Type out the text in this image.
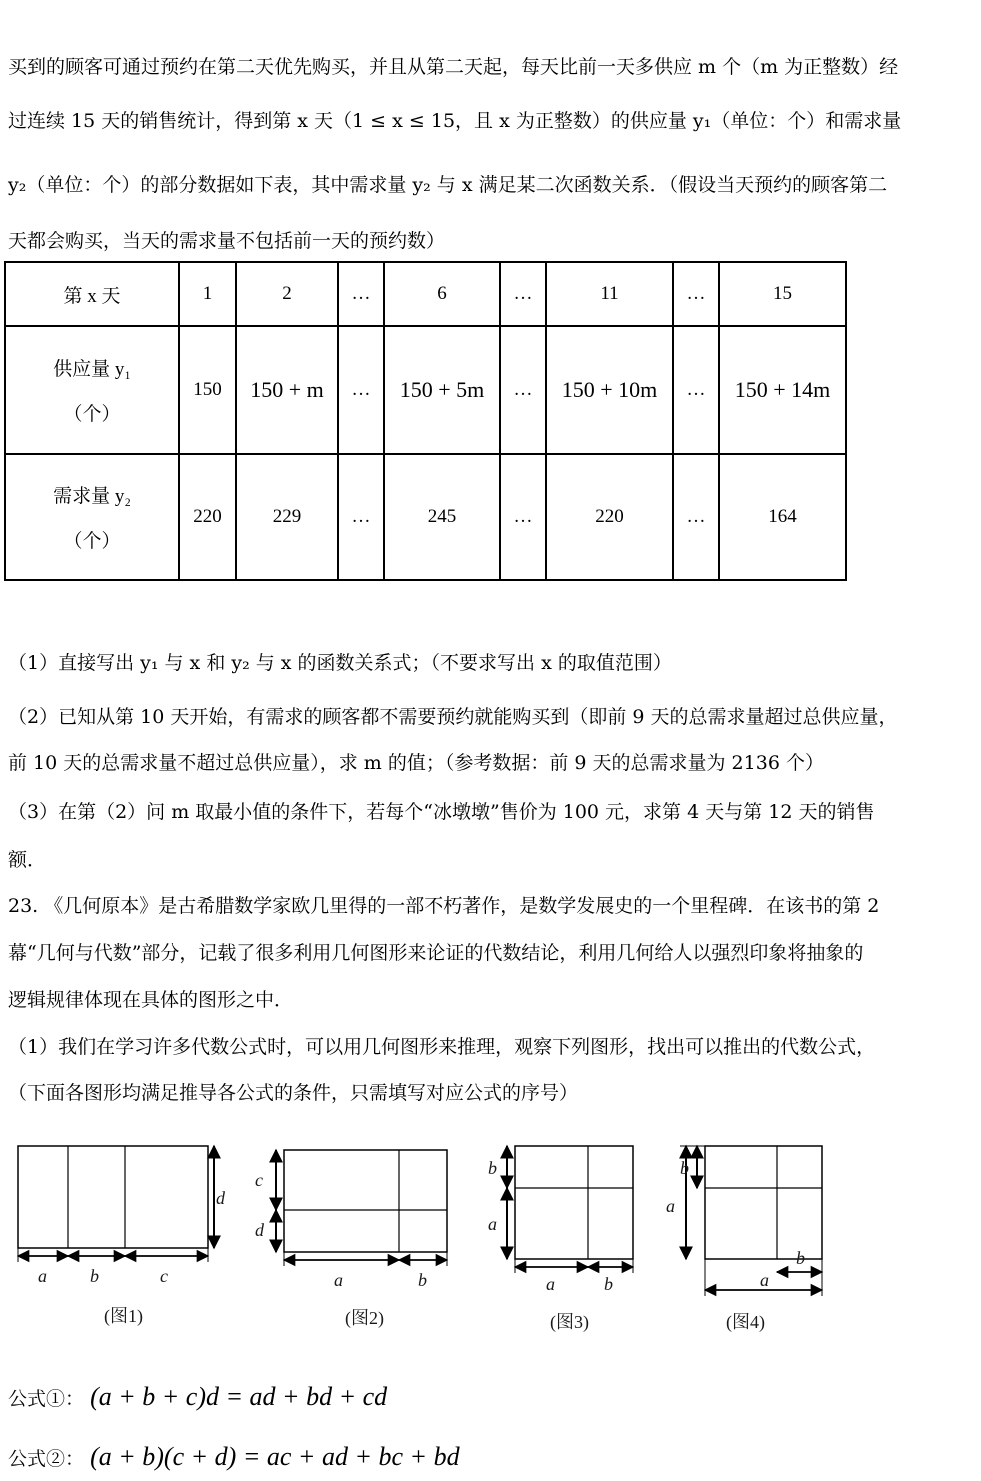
买到的顾客可通过预约在第二天优先购买，并且从第二天起，每天比前一天多供应 m 个（m 为正整数）经
过连续 15 天的销售统计，得到第 x 天（1 ≤ x ≤ 15，且 x 为正整数）的供应量 y₁（单位：个）和需求量
y₂（单位：个）的部分数据如下表，其中需求量 y₂ 与 x 满足某二次函数关系．（假设当天预约的顾客第二
天都会购买，当天的需求量不包括前一天的预约数）
第 x 天	1	2	…	6	…	11	…	15

供应量 y₁
（个）	150	150 + m	…	150 + 5m	…	150 + 10m	…	150 + 14m

需求量 y₂
（个）	220	229	…	245	…	220	…	164
（1）直接写出 y₁ 与 x 和 y₂ 与 x 的函数关系式；（不要求写出 x 的取值范围）
（2）已知从第 10 天开始，有需求的顾客都不需要预约就能购买到（即前 9 天的总需求量超过总供应量，
前 10 天的总需求量不超过总供应量），求 m 的值；（参考数据：前 9 天的总需求量为 2136 个）
（3）在第（2）问 m 取最小值的条件下，若每个“冰墩墩”售价为 100 元，求第 4 天与第 12 天的销售
额．
23. 《几何原本》是古希腊数学家欧几里得的一部不朽著作，是数学发展史的一个里程碑．在该书的第 2
幕“几何与代数”部分，记载了很多利用几何图形来论证的代数结论，利用几何给人以强烈印象将抽象的
逻辑规律体现在具体的图形之中．
（1）我们在学习许多代数公式时，可以用几何图形来推理，观察下列图形，找出可以推出的代数公式，
（下面各图形均满足推导各公式的条件，只需填写对应公式的序号）
d
a b	c
(图1)
c
d
a	b
(图2)
b
a
a	b
(图3)
b
a
a
b
(图4)
公式①： (a + b + c)d = ad + bd + cd
公式②： (a + b)(c + d) = ac + ad + bc + bd
